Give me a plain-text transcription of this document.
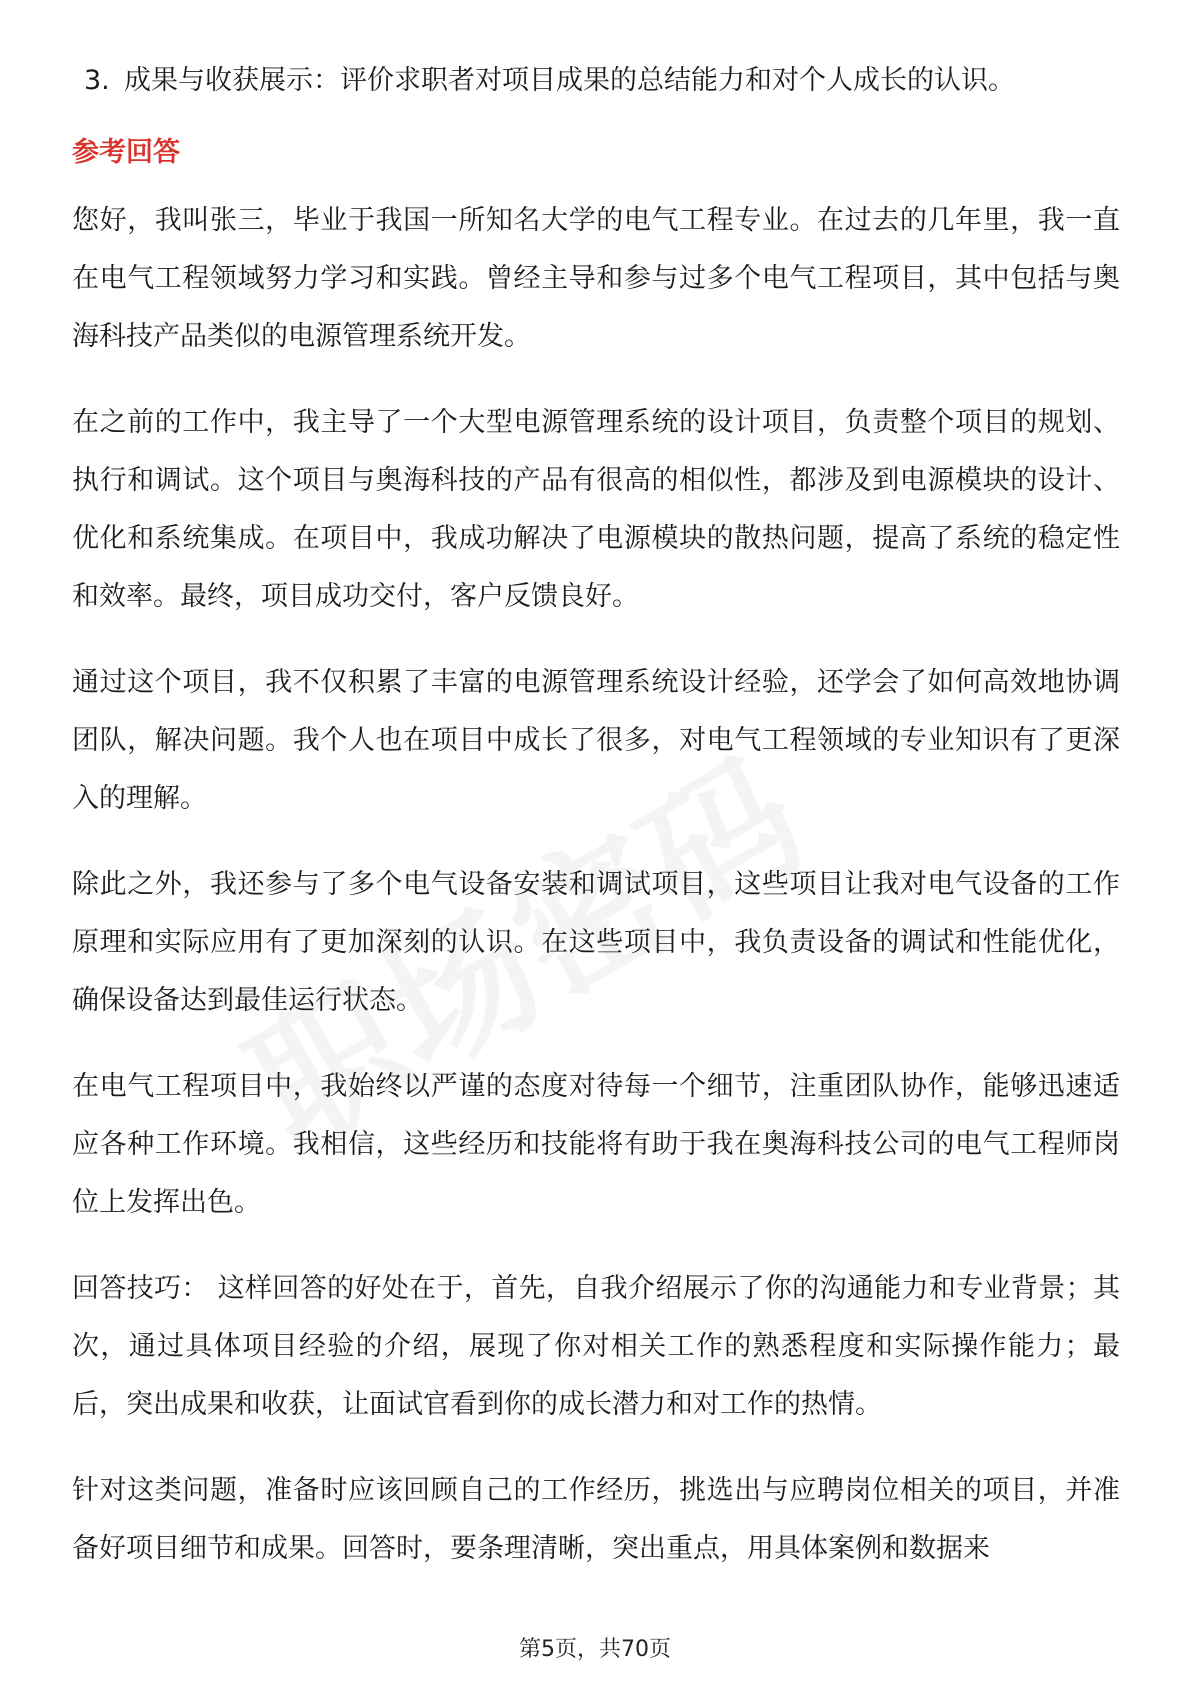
3. 成果与收获展示：评价求职者对项目成果的总结能力和对个人成长的认识。

参考回答

您好，我叫张三，毕业于我国一所知名大学的电气工程专业。在过去的几年里，我一直在电气工程领域努力学习和实践。曾经主导和参与过多个电气工程项目，其中包括与奥海科技产品类似的电源管理系统开发。

在之前的工作中，我主导了一个大型电源管理系统的设计项目，负责整个项目的规划、执行和调试。这个项目与奥海科技的产品有很高的相似性，都涉及到电源模块的设计、优化和系统集成。在项目中，我成功解决了电源模块的散热问题，提高了系统的稳定性和效率。最终，项目成功交付，客户反馈良好。

通过这个项目，我不仅积累了丰富的电源管理系统设计经验，还学会了如何高效地协调团队，解决问题。我个人也在项目中成长了很多，对电气工程领域的专业知识有了更深入的理解。

除此之外，我还参与了多个电气设备安装和调试项目，这些项目让我对电气设备的工作原理和实际应用有了更加深刻的认识。在这些项目中，我负责设备的调试和性能优化，确保设备达到最佳运行状态。

在电气工程项目中，我始终以严谨的态度对待每一个细节，注重团队协作，能够迅速适应各种工作环境。我相信，这些经历和技能将有助于我在奥海科技公司的电气工程师岗位上发挥出色。

回答技巧： 这样回答的好处在于，首先，自我介绍展示了你的沟通能力和专业背景；其次，通过具体项目经验的介绍，展现了你对相关工作的熟悉程度和实际操作能力；最后，突出成果和收获，让面试官看到你的成长潜力和对工作的热情。

针对这类问题，准备时应该回顾自己的工作经历，挑选出与应聘岗位相关的项目，并准备好项目细节和成果。回答时，要条理清晰，突出重点，用具体案例和数据来

第5页，共70页
